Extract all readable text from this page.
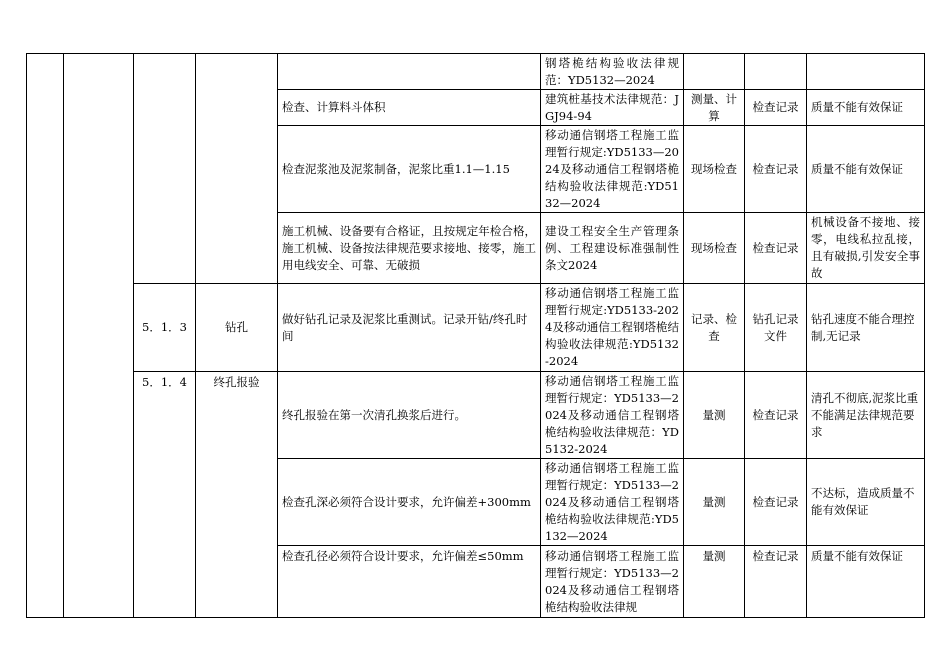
					钢塔桅结构验收法律规范：YD5132—2024			
				检查、计算料斗体积	建筑桩基技术法律规范：JGJ94-94	测量、计算	检查记录	质量不能有效保证
				检查泥浆池及泥浆制备，泥浆比重1.1—1.15	移动通信钢塔工程施工监理暂行规定:YD5133—2024及移动通信工程钢塔桅结构验收法律规范:YD5132—2024	现场检查	检查记录	质量不能有效保证
				施工机械、设备要有合格证，且按规定年检合格，施工机械、设备按法律规范要求接地、接零，施工用电线安全、可靠、无破损	建设工程安全生产管理条例、工程建设标准强制性条文2024	现场检查	检查记录	机械设备不接地、接零，电线私拉乱接，且有破损,引发安全事故
		5．1．3	钻孔	做好钻孔记录及泥浆比重测试。记录开钻/终孔时间	移动通信钢塔工程施工监理暂行规定:YD5133-2024及移动通信工程钢塔桅结构验收法律规范:YD5132-2024	记录、检查	钻孔记录文件	钻孔速度不能合理控制,无记录
		5．1．4	终孔报验	终孔报验在第一次清孔换浆后进行。	移动通信钢塔工程施工监理暂行规定：YD5133—2024及移动通信工程钢塔桅结构验收法律规范：YD5132-2024	量测	检查记录	清孔不彻底,泥浆比重不能满足法律规范要求
				检查孔深必须符合设计要求，允许偏差+300mm	移动通信钢塔工程施工监理暂行规定：YD5133—2024及移动通信工程钢塔桅结构验收法律规范:YD5132—2024	量测	检查记录	不达标，造成质量不能有效保证
				检查孔径必须符合设计要求，允许偏差≤50mm	移动通信钢塔工程施工监理暂行规定：YD5133—2024及移动通信工程钢塔桅结构验收法律规	量测	检查记录	质量不能有效保证
